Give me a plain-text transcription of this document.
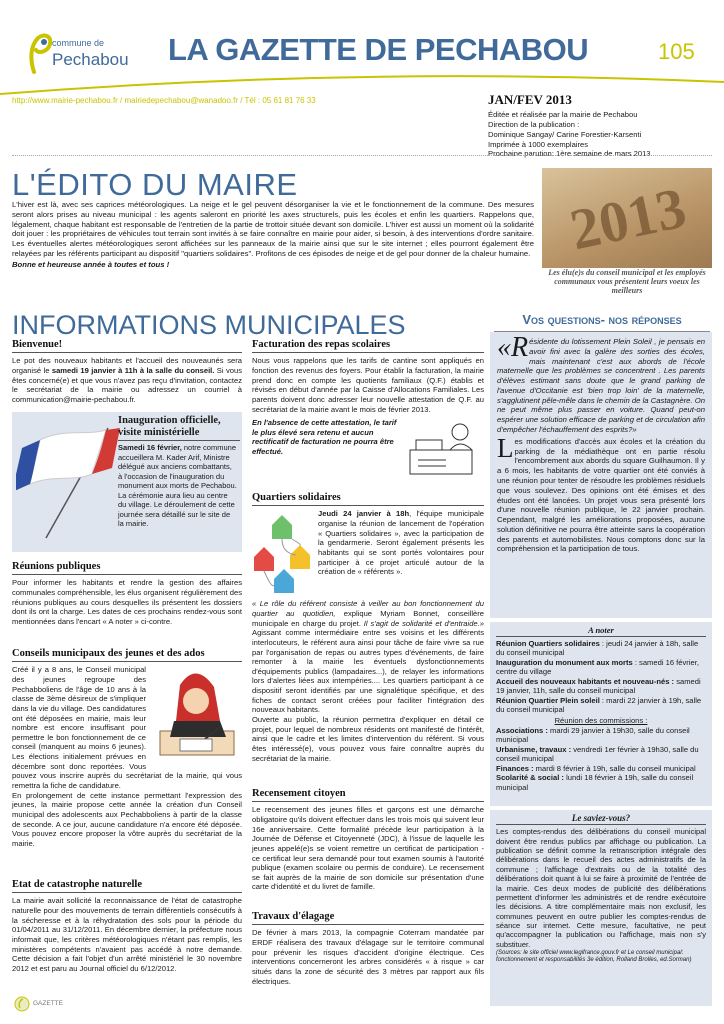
commune de
Pechabou LA GAZETTE DE PECHABOU	105
http://www.mairie-pechabou.fr / mairiedepechabou@wanadoo.fr / Tél : 05 61 81 76 33	JAN/FEV 2013
Éditée et réalisée par la mairie de Pechabou
Direction de la publication :
Dominique Sangay/ Carine Forestier-Karsenti
Imprimée à 1000 exemplaires
Prochaine parution: 1ère semaine de mars 2013
L'ÉDITO DU MAIRE
L'hiver est là, avec ses caprices météorologiques. La neige et le gel peuvent désorganiser la vie et le fonctionnement de la commune. Des mesures seront alors prises au niveau municipal : les agents saleront en priorité les axes structurels, puis les écoles et enfin les quartiers. Rappelons que, légalement, chaque habitant est responsable de l'entretien de la partie de trottoir située devant son domicile. L'hiver est aussi un moment où la solidarité doit jouer : les propriétaires de véhicules tout terrain sont invités à se faire connaître en mairie pour aider, si besoin, à des interventions d'ordre sanitaire. Les éventuelles alertes météorologiques seront affichées sur les panneaux de la mairie ainsi que sur le site internet ; elles pourront également être relayées par les référents participant au dispositif "quartiers solidaires". Profitons de ces épisodes de neige et de gel pour donner de la chaleur humaine.
Bonne et heureuse année à toutes et tous !
2013
Les élu(e)s du conseil municipal et les employés communaux vous présentent leurs voeux les meilleurs
INFORMATIONS MUNICIPALES
Bienvenue!

Le pot des nouveaux habitants et l'accueil des nouveaunés sera organisé le samedi 19 janvier à 11h à la salle du conseil. Si vous êtes concerné(e) et que vous n'avez pas reçu d'invitation, contactez le secrétariat de la mairie ou adressez un courriel à communication@mairie-pechabou.fr.

Inauguration officielle, visite ministérielle

Samedi 16 février, notre commune accueillera M. Kader Arif, Ministre délégué aux anciens combattants, à l'occasion de l'inauguration du monument aux morts de Pechabou. La cérémonie aura lieu au centre du village. Le déroulement de cette journée sera détaillé sur le site de la mairie.

Réunions publiques

Pour informer les habitants et rendre la gestion des affaires communales compréhensible, les élus organisent régulièrement des réunions publiques au cours desquelles ils présentent les dossiers dont ils ont la charge. Les dates de ces prochains rendez-vous sont mentionnées dans l'encart « A noter » ci-contre.

Conseils municipaux des jeunes et des ados

Créé il y a 8 ans, le Conseil municipal des jeunes regroupe des Pechabboliens de l'âge de 10 ans à la classe de 3ème désireux de s'impliquer dans la vie du village. Des candidatures ont été déposées en mairie, mais leur nombre est encore insuffisant pour permettre le bon fonctionnement de ce conseil (manquent au moins 6 jeunes). Les élections initialement prévues en décembre sont donc reportées. Vous pouvez vous inscrire auprès du secrétariat de la mairie, qui vous remettra la fiche de candidature.

En prolongement de cette instance permettant l'expression des jeunes, la mairie propose cette année la création d'un Conseil municipal des adolescents aux Pechabboliens à partir de la classe de seconde. A ce jour, aucune candidature n'a encore été déposée. Vous pouvez encore proposer la vôtre auprès du secrétariat de la mairie.

Etat de catastrophe naturelle

La mairie avait sollicité la reconnaissance de l'état de catastrophe naturelle pour des mouvements de terrain différentiels consécutifs à la sécheresse et à la réhydratation des sols pour la période du 01/04/2011 au 31/12/2011. En décembre dernier, la préfecture nous informait que, les critères météorologiques n'étant pas remplis, les ministères compétents n'avaient pas accédé à notre demande. Cette décision a fait l'objet d'un arrêté ministériel le 30 novembre 2012 et est paru au Journal officiel du 6/12/2012.

Facturation des repas scolaires

Nous vous rappelons que les tarifs de cantine sont appliqués en fonction des revenus des foyers. Pour établir la facturation, la mairie prend donc en compte les quotients familiaux (Q.F.) établis et révisés en début d'année par la Caisse d'Allocations Familiales. Les parents doivent donc adresser leur nouvelle attestation de Q.F. au secrétariat de la mairie avant le mois de février 2013.

En l'absence de cette attestation, le tarif le plus élevé sera retenu et aucun rectificatif de facturation ne pourra être effectué.

Quartiers solidaires

Jeudi 24 janvier à 18h, l'équipe municipale organise la réunion de lancement de l'opération « Quartiers solidaires », avec la participation de la gendarmerie. Seront également présents les habitants qui se sont portés volontaires pour participer à ce projet articulé autour de la création de « référents ».

« Le rôle du référent consiste à veiller au bon fonctionnement du quartier au quotidien, explique Myriam Bonnet, conseillère municipale en charge du projet. Il s'agit de solidarité et d'entraide.» Agissant comme intermédiaire entre ses voisins et les différents interlocuteurs, le référent aura ainsi pour tâche de faire vivre sa rue par l'organisation de repas ou autres types d'événements, de faire remonter à la mairie les éventuels dysfonctionnements d'équipements publics (lampadaires...), de relayer les informations lors d'alertes liées aux intempéries.... Les quartiers participant à ce dispositif seront identifiés par une signalétique spécifique, et des fiches de contact seront créées pour faciliter l'intégration des nouveaux habitants.

Ouverte au public, la réunion permettra d'expliquer en détail ce projet, pour lequel de nombreux résidents ont manifesté de l'intérêt, ainsi que le cadre et les limites d'intervention du référent. Si vous êtes intéressé(e), vous pouvez vous faire connaître auprès du secrétariat de la mairie.

Recensement citoyen

Le recensement des jeunes filles et garçons est une démarche obligatoire qu'ils doivent effectuer dans les trois mois qui suivent leur 16e anniversaire. Cette formalité précède leur participation à la Journée de Défense et Citoyenneté (JDC), à l'issue de laquelle les jeunes appelé(e)s se voient remettre un certificat de participation - ce certificat leur sera demandé pour tout examen soumis à l'autorité publique (examen scolaire ou permis de conduire). Le recensement se fait auprès de la mairie de son domicile sur présentation d'une carte d'identité et du livret de famille.

Travaux d'élagage

De février à mars 2013, la compagnie Coterram mandatée par ERDF réalisera des travaux d'élagage sur le territoire communal pour prévenir les risques d'accident d'origine électrique. Ces interventions concerneront les arbres considérés « à risque » car situés dans la zone de sécurité des 3 mètres par rapport aux fils électriques.

Vos questions- nos réponses

«Résidente du lotissement Plein Soleil , je pensais en avoir fini avec la galère des sorties des écoles, mais maintenant c'est aux abords de l'école maternelle que les problèmes se concentrent . Les parents d'élèves estimant sans doute que le grand parking de l'avenue d'Occitanie est 'bien trop loin' de la maternelle, s'agglutinent pêle-mêle dans le chemin de la Castagnère. On ne peut même plus passer en voiture. Quand peut-on espérer une solution efficace de parking et de circulation afin d'empêcher l'échauffement des esprits?»

Les modifications d'accès aux écoles et la création du parking de la médiathèque ont en partie résolu l'encombrement aux abords du square Guilhaumon. Il y a 6 mois, les habitants de votre quartier ont été conviés à une réunion pour tenter de résoudre les problèmes résiduels que vous soulevez. Des opinions ont été émises et des études ont été lancées. Un projet vous sera présenté lors d'une nouvelle réunion publique, le 22 janvier prochain. Cependant, malgré les améliorations proposées, aucune solution définitive ne pourra être atteinte sans la coopération des parents et automobilistes. Nous comptons donc sur la compréhension et la participation de tous.

A noter

Réunion Quartiers solidaires : jeudi 24 janvier à 18h, salle du conseil municipal

Inauguration du monument aux morts : samedi 16 février, centre du village

Accueil des nouveaux habitants et nouveau-nés : samedi 19 janvier, 11h, salle du conseil municipal

Réunion Quartier Plein soleil : mardi 22 janvier à 19h, salle du conseil municipal

Réunion des commissions :

Associations : mardi 29 janvier à 19h30, salle du conseil municipal

Urbanisme, travaux : vendredi 1er février à 19h30, salle du conseil municipal

Finances : mardi 8 février à 19h, salle du conseil municipal

Scolarité & social : lundi 18 février à 19h, salle du conseil municipal

Le saviez-vous?

Les comptes-rendus des délibérations du conseil municipal doivent être rendus publics par affichage ou publication. La publication se définit comme la retranscription intégrale des délibérations dans le recueil des actes administratifs de la commune ; l'affichage d'extraits ou de la totalité des délibérations doit quant à lui se faire à proximité de l'entrée de la mairie. Ces deux modes de publicité des délibérations permettent d'informer les administrés et de rendre exécutoire les décisions. A titre complémentaire mais non exclusif, les communes peuvent en outre publier les comptes-rendus de séance sur internet. Cette mesure, facultative, ne peut qu'accompagner la publication ou l'affichage, mais non s'y substituer.

(Sources: le site officiel www.legifrance.gouv.fr et Le conseil municipal: fonctionnement et responsabilités 3e édition, Rolland Brolles, ed.Sorman)

GAZETTE
